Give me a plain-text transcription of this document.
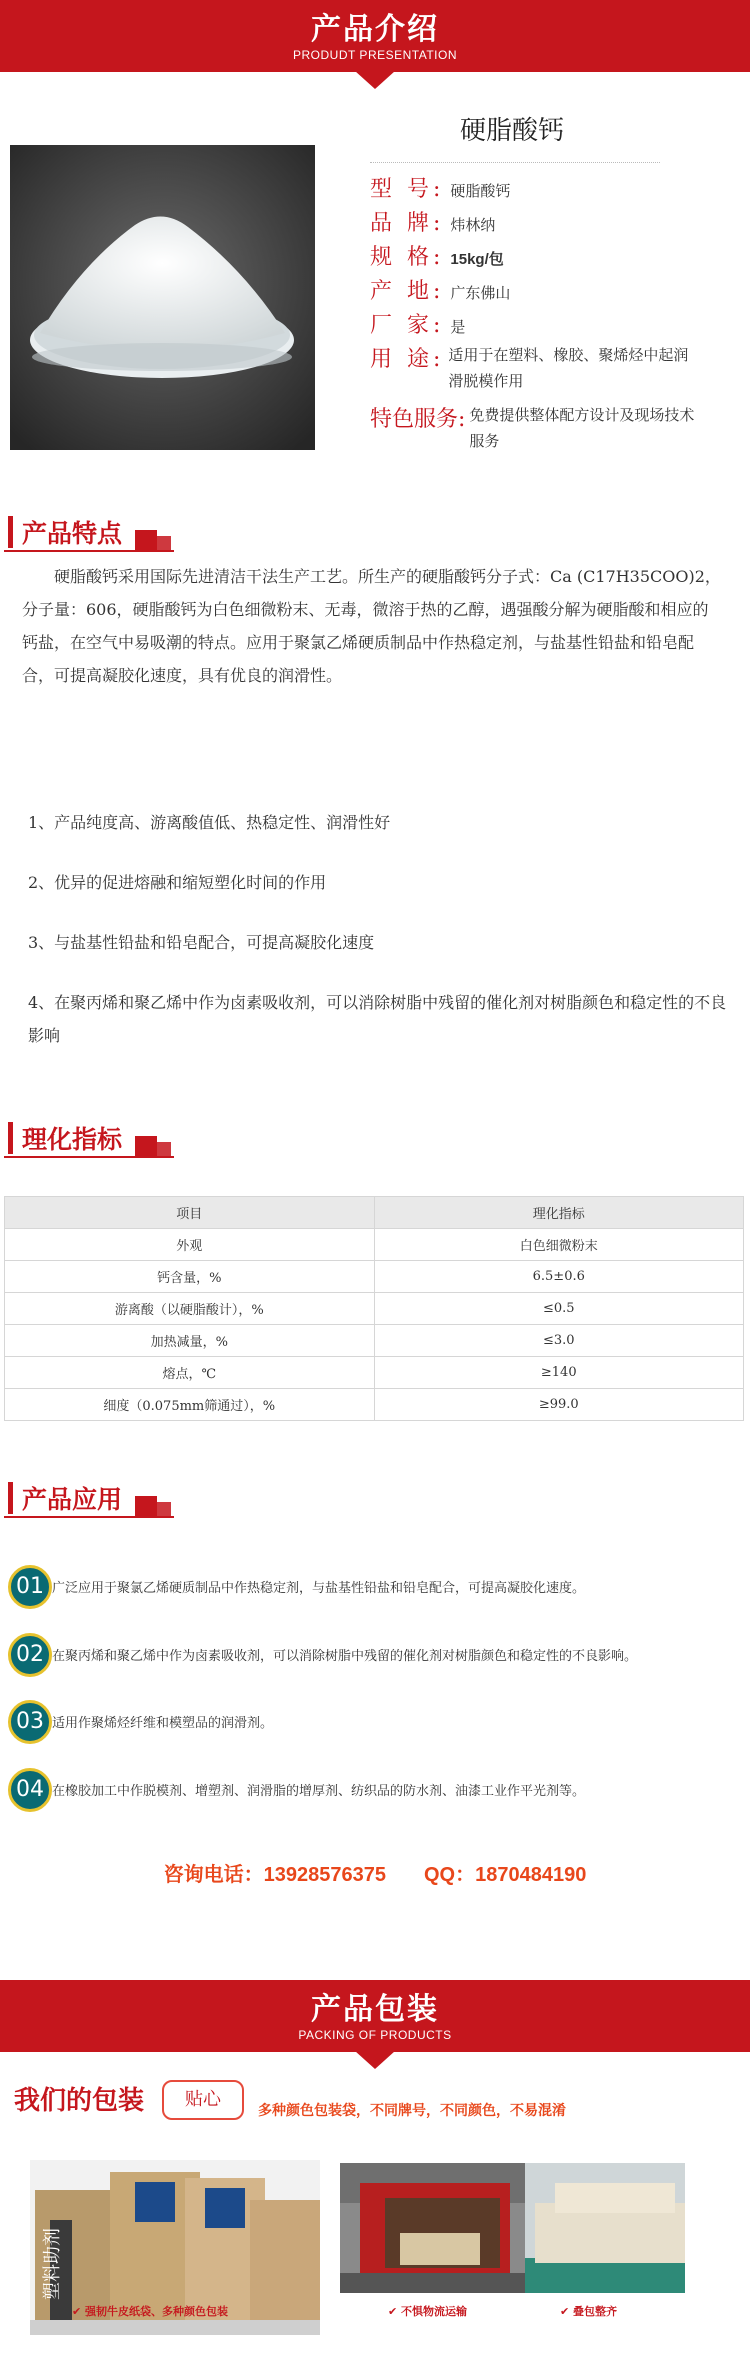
产品介绍
PRODUDT PRESENTATION
硬脂酸钙
型 号: 硬脂酸钙
品 牌: 炜林纳
规 格: 15kg/包
产 地: 广东佛山
厂 家: 是
用 途: 适用于在塑料、橡胶、聚烯烃中起润滑脱模作用
特色服务: 免费提供整体配方设计及现场技术服务
产品特点
硬脂酸钙采用国际先进清洁干法生产工艺。所生产的硬脂酸钙分子式：Ca (C17H35COO)2，分子量：606，硬脂酸钙为白色细微粉末、无毒，微溶于热的乙醇，遇强酸分解为硬脂酸和相应的钙盐，在空气中易吸潮的特点。应用于聚氯乙烯硬质制品中作热稳定剂，与盐基性铅盐和铅皂配合，可提高凝胶化速度，具有优良的润滑性。
1、产品纯度高、游离酸值低、热稳定性、润滑性好
2、优异的促进熔融和缩短塑化时间的作用
3、与盐基性铅盐和铅皂配合，可提高凝胶化速度
4、在聚丙烯和聚乙烯中作为卤素吸收剂，可以消除树脂中残留的催化剂对树脂颜色和稳定性的不良影响
理化指标
项目	理化指标
外观	白色细微粉末
钙含量，%	6.5±0.6
游离酸（以硬脂酸计），%	≤0.5
加热减量，%	≤3.0
熔点，℃	≥140
细度（0.075mm筛通过），%	≥99.0
产品应用
01 广泛应用于聚氯乙烯硬质制品中作热稳定剂，与盐基性铅盐和铅皂配合，可提高凝胶化速度。
02 在聚丙烯和聚乙烯中作为卤素吸收剂，可以消除树脂中残留的催化剂对树脂颜色和稳定性的不良影响。
03 适用作聚烯烃纤维和模塑品的润滑剂。
04 在橡胶加工中作脱模剂、增塑剂、润滑脂的增厚剂、纺织品的防水剂、油漆工业作平光剂等。
咨询电话：13928576375 QQ：1870484190
产品包装
PACKING OF PRODUCTS
我们的包装	贴心
多种颜色包装袋，不同牌号，不同颜色，不易混淆
塑料助剂
✔ 强韧牛皮纸袋、多种颜色包装	✔ 不惧物流运输	✔ 叠包整齐
